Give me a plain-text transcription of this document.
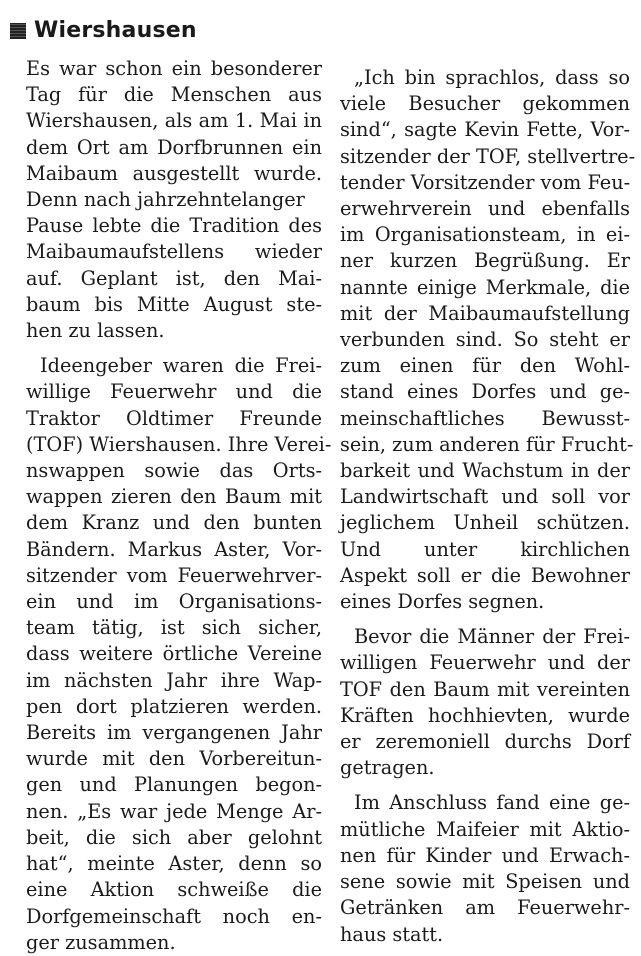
Wiershausen
Es war schon ein besonderer
Tag für die Menschen aus
Wiershausen, als am 1. Mai in
dem Ort am Dorfbrunnen ein
Maibaum ausgestellt wurde.
Denn nach jahrzehntelanger
Pause lebte die Tradition des
Maibaumaufstellens wieder
auf. Geplant ist, den Mai-
baum bis Mitte August ste-
hen zu lassen.
Ideengeber waren die Frei-
willige Feuerwehr und die
Traktor Oldtimer Freunde
(TOF) Wiershausen. Ihre Verei-
nswappen sowie das Orts-
wappen zieren den Baum mit
dem Kranz und den bunten
Bändern. Markus Aster, Vor-
sitzender vom Feuerwehrver-
ein und im Organisations-
team tätig, ist sich sicher,
dass weitere örtliche Vereine
im nächsten Jahr ihre Wap-
pen dort platzieren werden.
Bereits im vergangenen Jahr
wurde mit den Vorbereitun-
gen und Planungen begon-
nen. „Es war jede Menge Ar-
beit, die sich aber gelohnt
hat“, meinte Aster, denn so
eine Aktion schweiße die
Dorfgemeinschaft noch en-
ger zusammen.
„Ich bin sprachlos, dass so
viele Besucher gekommen
sind“, sagte Kevin Fette, Vor-
sitzender der TOF, stellvertre-
tender Vorsitzender vom Feu-
erwehrverein und ebenfalls
im Organisationsteam, in ei-
ner kurzen Begrüßung. Er
nannte einige Merkmale, die
mit der Maibaumaufstellung
verbunden sind. So steht er
zum einen für den Wohl-
stand eines Dorfes und ge-
meinschaftliches Bewusst-
sein, zum anderen für Frucht-
barkeit und Wachstum in der
Landwirtschaft und soll vor
jeglichem Unheil schützen.
Und unter kirchlichen
Aspekt soll er die Bewohner
eines Dorfes segnen.
Bevor die Männer der Frei-
willigen Feuerwehr und der
TOF den Baum mit vereinten
Kräften hochhievten, wurde
er zeremoniell durchs Dorf
getragen.
Im Anschluss fand eine ge-
mütliche Maifeier mit Aktio-
nen für Kinder und Erwach-
sene sowie mit Speisen und
Getränken am Feuerwehr-
haus statt.
